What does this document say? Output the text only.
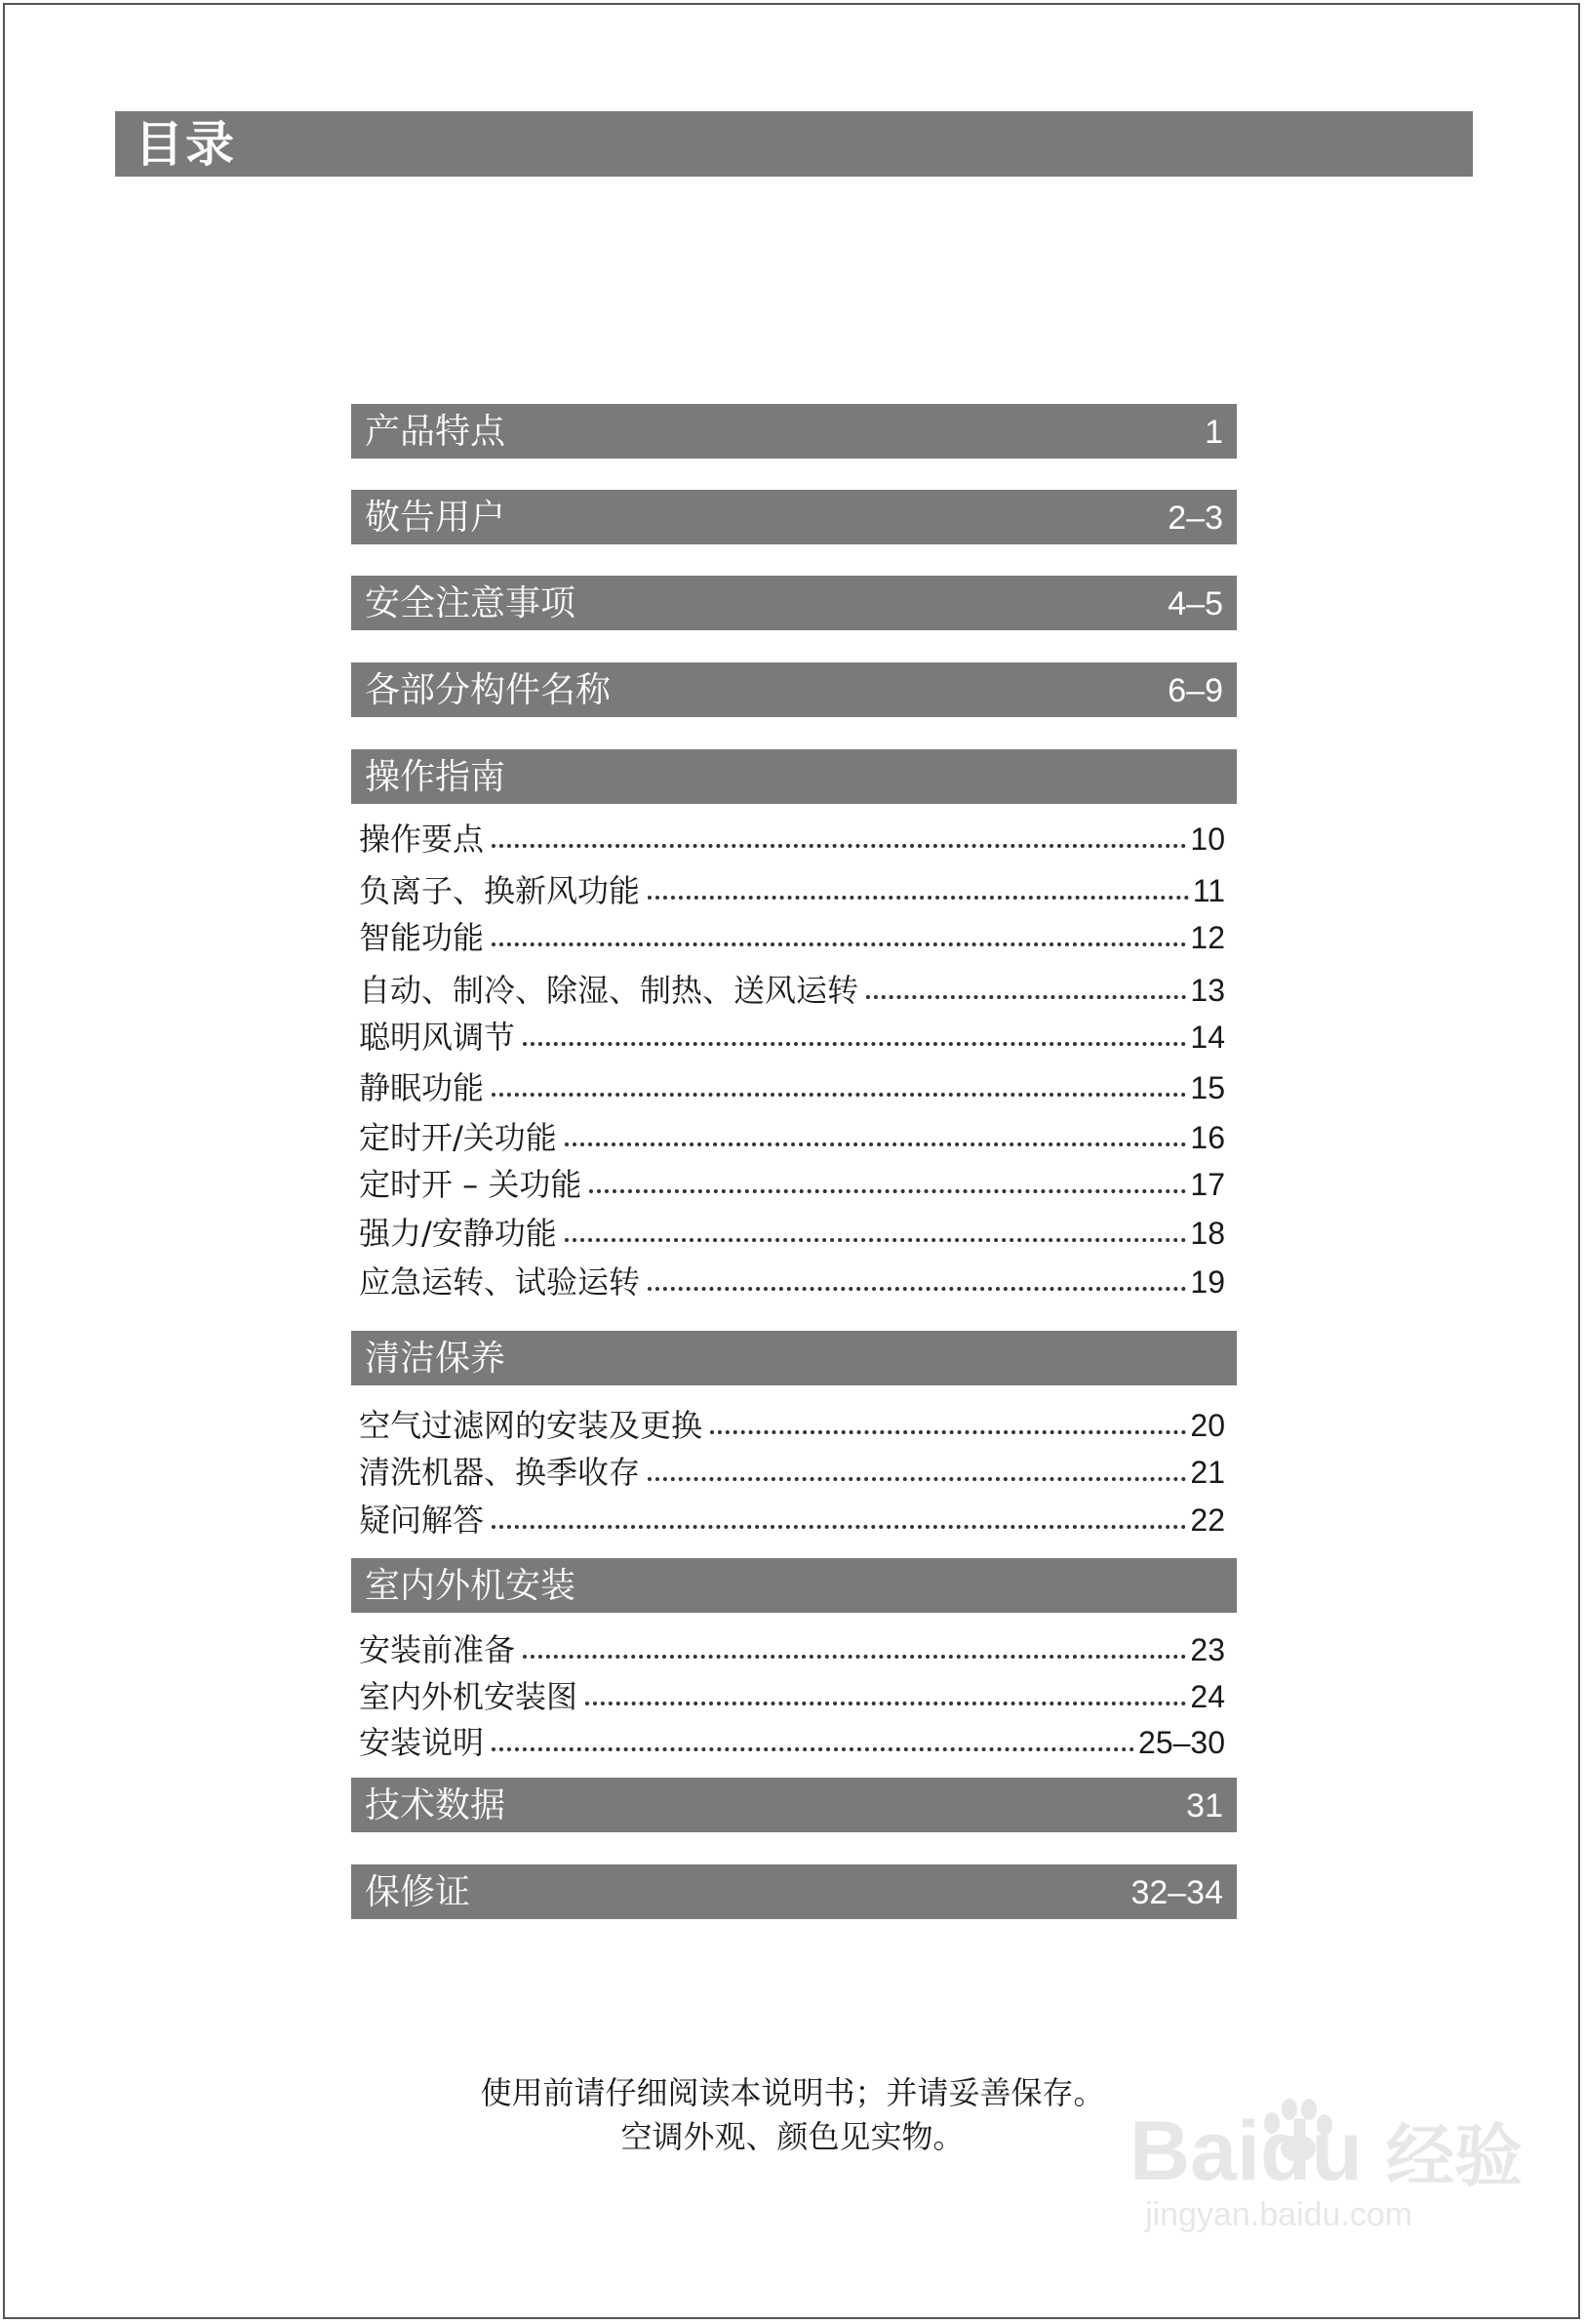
目录
产品特点	1
敬告用户	2–3
安全注意事项	4–5
各部分构件名称	6–9
操作指南
操作要点	10
负离子、换新风功能	11
智能功能	12
自动、制冷、除湿、制热、送风运转	13
聪明风调节	14
静眠功能	15
定时开/关功能	16
定时开 – 关功能	17
强力/安静功能	18
应急运转、试验运转	19
清洁保养
空气过滤网的安装及更换	20
清洗机器、换季收存	21
疑问解答	22
室内外机安装
安装前准备	23
室内外机安装图	24
安装说明	25–30
技术数据	31
保修证	32–34
使用前请仔细阅读本说明书；并请妥善保存。
空调外观、颜色见实物。	Baidu 经验
jingyan.baidu.com
